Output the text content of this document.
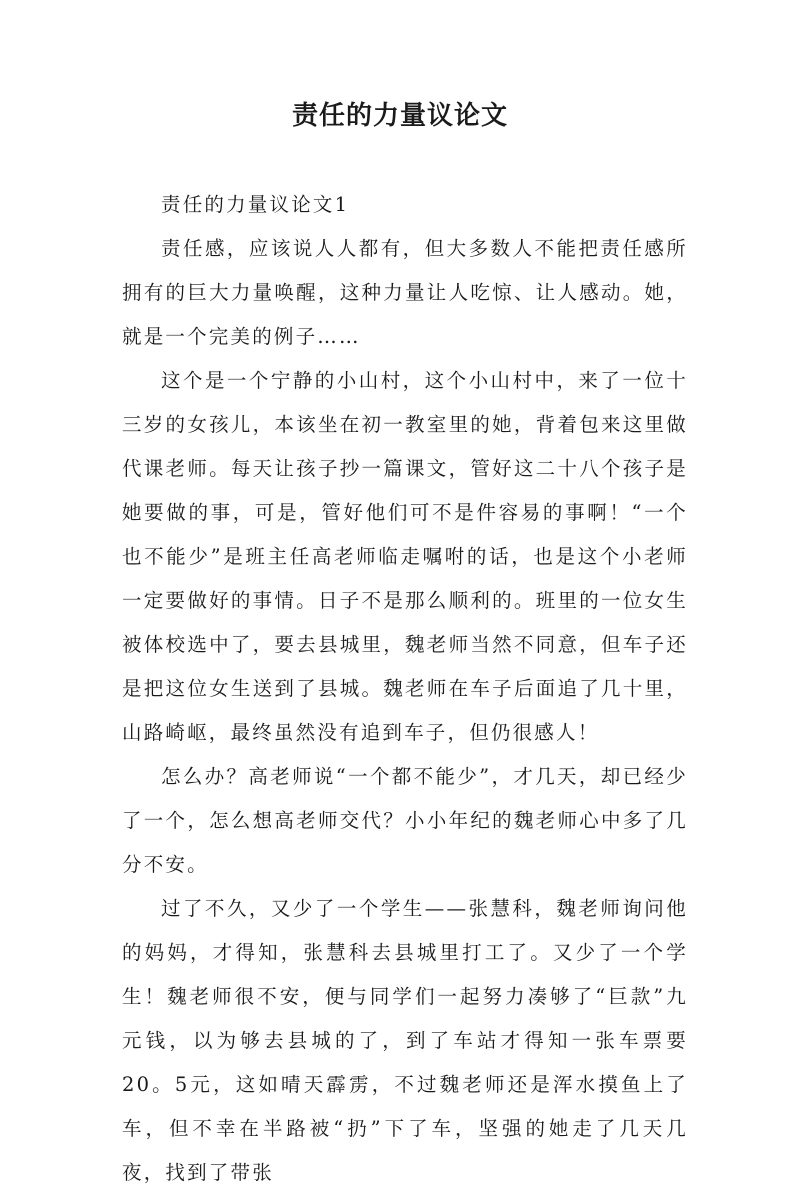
责任的力量议论文

责任的力量议论文1

责任感，应该说人人都有，但大多数人不能把责任感所拥有的巨大力量唤醒，这种力量让人吃惊、让人感动。她，就是一个完美的例子……

这个是一个宁静的小山村，这个小山村中，来了一位十三岁的女孩儿，本该坐在初一教室里的她，背着包来这里做代课老师。每天让孩子抄一篇课文，管好这二十八个孩子是她要做的事，可是，管好他们可不是件容易的事啊！“一个也不能少”是班主任高老师临走嘱咐的话，也是这个小老师一定要做好的事情。日子不是那么顺利的。班里的一位女生被体校选中了，要去县城里，魏老师当然不同意，但车子还是把这位女生送到了县城。魏老师在车子后面追了几十里，山路崎岖，最终虽然没有追到车子，但仍很感人！

怎么办？高老师说“一个都不能少”，才几天，却已经少了一个，怎么想高老师交代？小小年纪的魏老师心中多了几分不安。

过了不久，又少了一个学生——张慧科，魏老师询问他的妈妈，才得知，张慧科去县城里打工了。又少了一个学生！魏老师很不安，便与同学们一起努力凑够了“巨款”九元钱，以为够去县城的了，到了车站才得知一张车票要20。5元，这如晴天霹雳，不过魏老师还是浑水摸鱼上了车，但不幸在半路被“扔”下了车，坚强的她走了几天几夜，找到了带张
